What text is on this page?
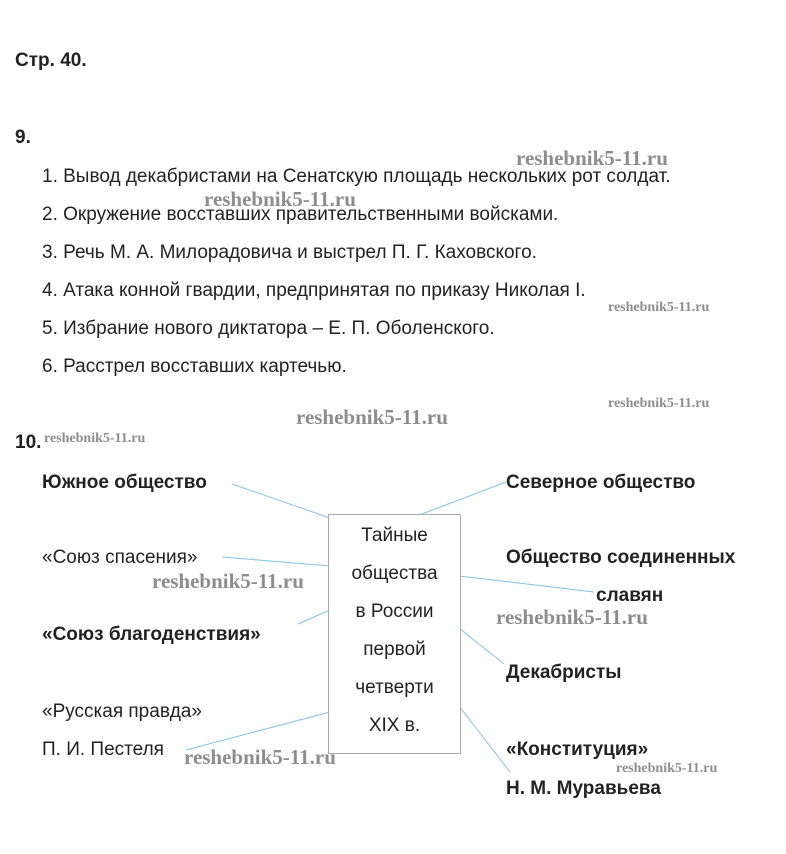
Стр. 40.
9.
1. Вывод декабристами на Сенатскую площадь нескольких рот солдат.
2. Окружение восставших правительственными войсками.
3. Речь М. А. Милорадовича и выстрел П. Г. Каховского.
4. Атака конной гвардии, предпринятая по приказу Николая I.
5. Избрание нового диктатора – Е. П. Оболенского.
6. Расстрел восставших картечью.
10.
Тайные
общества
в России
первой
четверти
XIX в.
Южное общество
«Союз спасения»
«Союз благоденствия»
«Русская правда»
П. И. Пестеля
Северное общество
Общество соединенных
славян
Декабристы
«Конституция»
Н. М. Муравьева
reshebnik5-11.ru
reshebnik5-11.ru
reshebnik5-11.ru
reshebnik5-11.ru
reshebnik5-11.ru
reshebnik5-11.ru
reshebnik5-11.ru
reshebnik5-11.ru
reshebnik5-11.ru	reshebnik5-11.ru
